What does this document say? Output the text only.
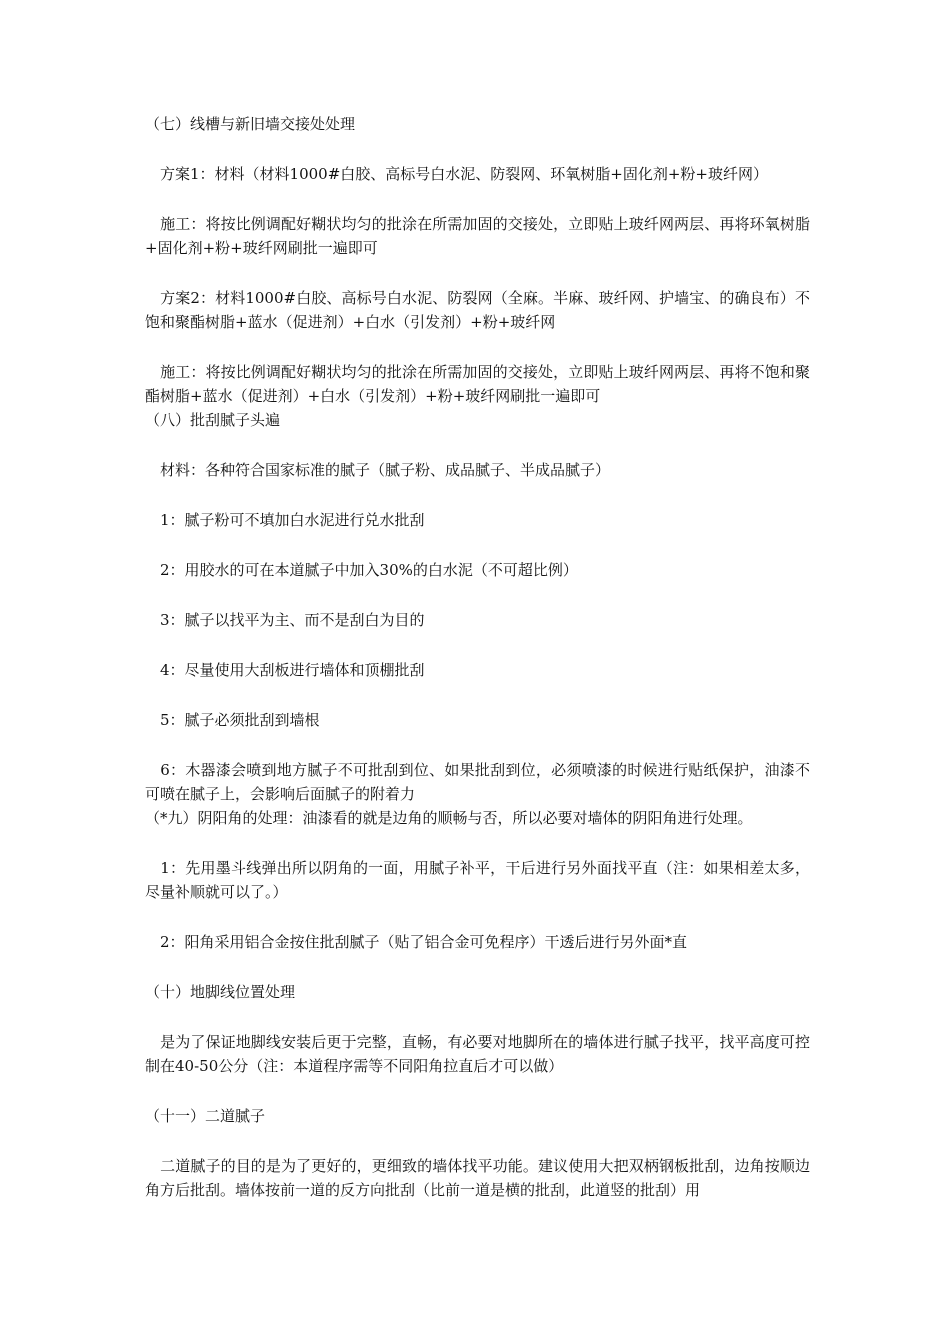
（七）线槽与新旧墙交接处处理

　方案1：材料（材料1000#白胶、高标号白水泥、防裂网、环氧树脂+固化剂+粉+玻纤网）

　施工：将按比例调配好糊状均匀的批涂在所需加固的交接处，立即贴上玻纤网两层、再将环氧树脂+固化剂+粉+玻纤网刷批一遍即可

　方案2：材料1000#白胶、高标号白水泥、防裂网（全麻。半麻、玻纤网、护墙宝、的确良布）不饱和聚酯树脂+蓝水（促进剂）+白水（引发剂）+粉+玻纤网

　施工：将按比例调配好糊状均匀的批涂在所需加固的交接处，立即贴上玻纤网两层、再将不饱和聚酯树脂+蓝水（促进剂）+白水（引发剂）+粉+玻纤网刷批一遍即可

（八）批刮腻子头遍

　材料：各种符合国家标准的腻子（腻子粉、成品腻子、半成品腻子）

　1：腻子粉可不填加白水泥进行兑水批刮

　2：用胶水的可在本道腻子中加入30%的白水泥（不可超比例）

　3：腻子以找平为主、而不是刮白为目的

　4：尽量使用大刮板进行墙体和顶棚批刮

　5：腻子必须批刮到墙根

　6：木器漆会喷到地方腻子不可批刮到位、如果批刮到位，必须喷漆的时候进行贴纸保护，油漆不可喷在腻子上，会影响后面腻子的附着力

（*九）阴阳角的处理：油漆看的就是边角的顺畅与否，所以必要对墙体的阴阳角进行处理。

　1：先用墨斗线弹出所以阴角的一面，用腻子补平，干后进行另外面找平直（注：如果相差太多，尽量补顺就可以了。）

　2：阳角采用铝合金按住批刮腻子（贴了铝合金可免程序）干透后进行另外面*直

（十）地脚线位置处理

　是为了保证地脚线安装后更于完整，直畅，有必要对地脚所在的墙体进行腻子找平，找平高度可控制在40-50公分（注：本道程序需等不同阳角拉直后才可以做）

（十一）二道腻子

　二道腻子的目的是为了更好的，更细致的墙体找平功能。建议使用大把双柄钢板批刮，边角按顺边角方后批刮。墙体按前一道的反方向批刮（比前一道是横的批刮，此道竖的批刮）用
